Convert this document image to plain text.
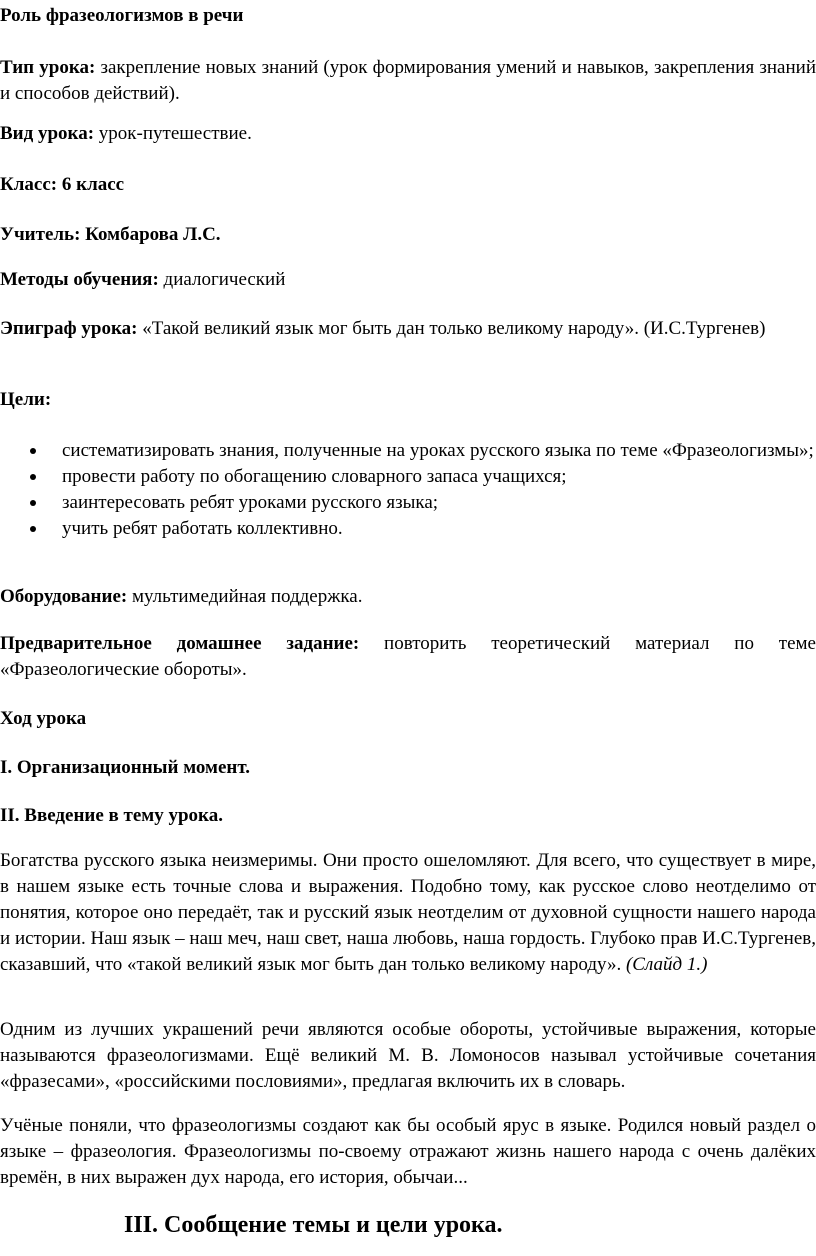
Роль фразеологизмов в речи

Тип урока: закрепление новых знаний (урок формирования умений и навыков, закрепления знаний и способов действий).

Вид урока: урок-путешествие.

Класс: 6 класс

Учитель: Комбарова Л.С.

Методы обучения: диалогический

Эпиграф урока: «Такой великий язык мог быть дан только великому народу». (И.С.Тургенев)

Цели:

систематизировать знания, полученные на уроках русского языка по теме «Фразеологизмы»;
провести работу по обогащению словарного запаса учащихся;
заинтересовать ребят уроками русского языка;
учить ребят работать коллективно.

Оборудование: мультимедийная поддержка.

Предварительное домашнее задание: повторить теоретический материал по теме «Фразеологические обороты».

Ход урока

I. Организационный момент.

II. Введение в тему урока.

Богатства русского языка неизмеримы. Они просто ошеломляют. Для всего, что существует в мире, в нашем языке есть точные слова и выражения. Подобно тому, как русское слово неотделимо от понятия, которое оно передаёт, так и русский язык неотделим от духовной сущности нашего народа и истории. Наш язык – наш меч, наш свет, наша любовь, наша гордость. Глубоко прав И.С.Тургенев, сказавший, что «такой великий язык мог быть дан только великому народу». (Слайд 1.)

Одним из лучших украшений речи являются особые обороты, устойчивые выражения, которые называются фразеологизмами. Ещё великий М. В. Ломоносов называл устойчивые сочетания «фразесами», «российскими пословиями», предлагая включить их в словарь.

Учёные поняли, что фразеологизмы создают как бы особый ярус в языке. Родился новый раздел о языке – фразеология. Фразеологизмы по-своему отражают жизнь нашего народа с очень далёких времён, в них выражен дух народа, его история, обычаи...

III. Сообщение темы и цели урока.
